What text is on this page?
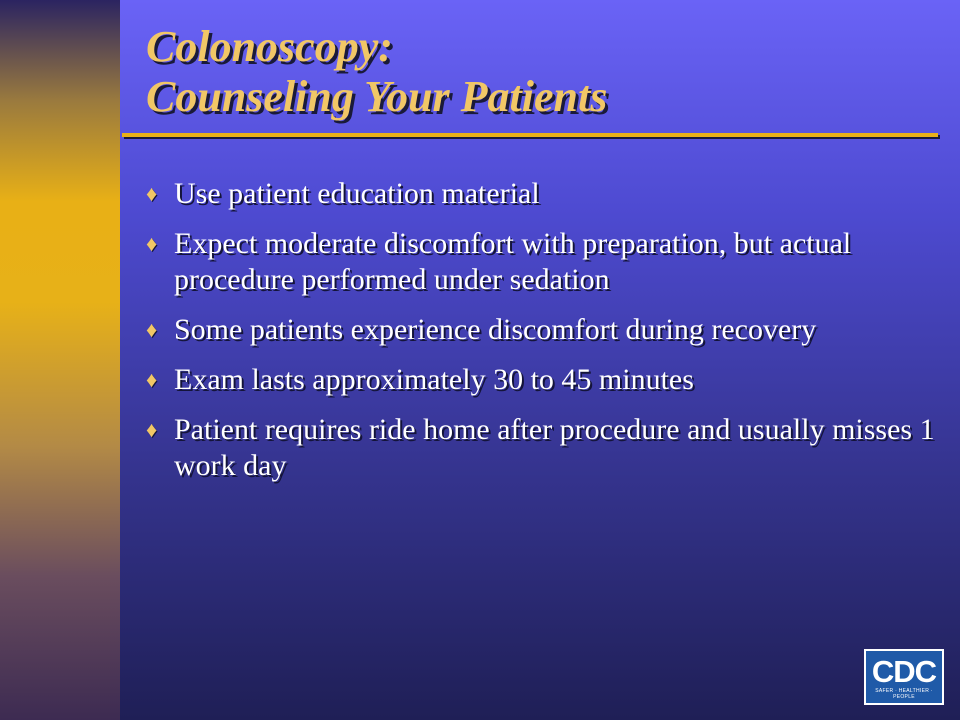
Colonoscopy:
Counseling Your Patients
♦ Use patient education material
♦ Expect moderate discomfort with preparation, but actual procedure performed under sedation
♦ Some patients experience discomfort during recovery
♦ Exam lasts approximately 30 to 45 minutes
♦ Patient requires ride home after procedure and usually misses 1 work day
CDC
SAFER · HEALTHIER · PEOPLE
